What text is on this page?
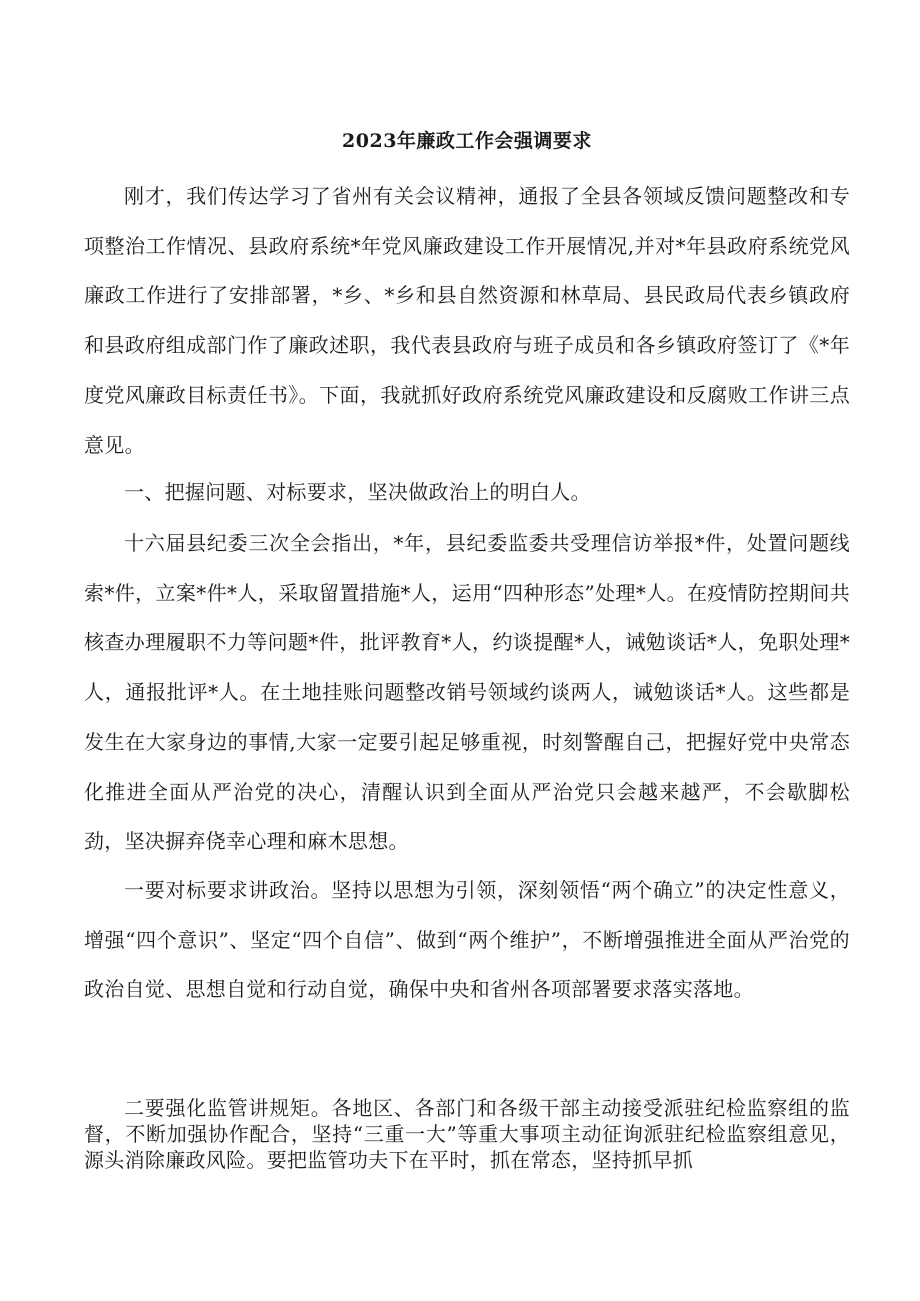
2023年廉政工作会强调要求

刚才，我们传达学习了省州有关会议精神，通报了全县各领域反馈问题整改和专项整治工作情况、县政府系统*年党风廉政建设工作开展情况,并对*年县政府系统党风廉政工作进行了安排部署，*乡、*乡和县自然资源和林草局、县民政局代表乡镇政府和县政府组成部门作了廉政述职，我代表县政府与班子成员和各乡镇政府签订了《*年度党风廉政目标责任书》。下面，我就抓好政府系统党风廉政建设和反腐败工作讲三点意见。

一、把握问题、对标要求，坚决做政治上的明白人。

十六届县纪委三次全会指出，*年，县纪委监委共受理信访举报*件，处置问题线索*件，立案*件*人，采取留置措施*人，运用“四种形态”处理*人。在疫情防控期间共核查办理履职不力等问题*件，批评教育*人，约谈提醒*人，诫勉谈话*人，免职处理*人，通报批评*人。在土地挂账问题整改销号领域约谈两人，诫勉谈话*人。这些都是发生在大家身边的事情,大家一定要引起足够重视，时刻警醒自己，把握好党中央常态化推进全面从严治党的决心，清醒认识到全面从严治党只会越来越严，不会歇脚松劲，坚决摒弃侥幸心理和麻木思想。

一要对标要求讲政治。坚持以思想为引领，深刻领悟“两个确立”的决定性意义，增强“四个意识”、坚定“四个自信”、做到“两个维护”，不断增强推进全面从严治党的政治自觉、思想自觉和行动自觉，确保中央和省州各项部署要求落实落地。

二要强化监管讲规矩。各地区、各部门和各级干部主动接受派驻纪检监察组的监督，不断加强协作配合，坚持“三重一大”等重大事项主动征询派驻纪检监察组意见，源头消除廉政风险。要把监管功夫下在平时，抓在常态，坚持抓早抓
